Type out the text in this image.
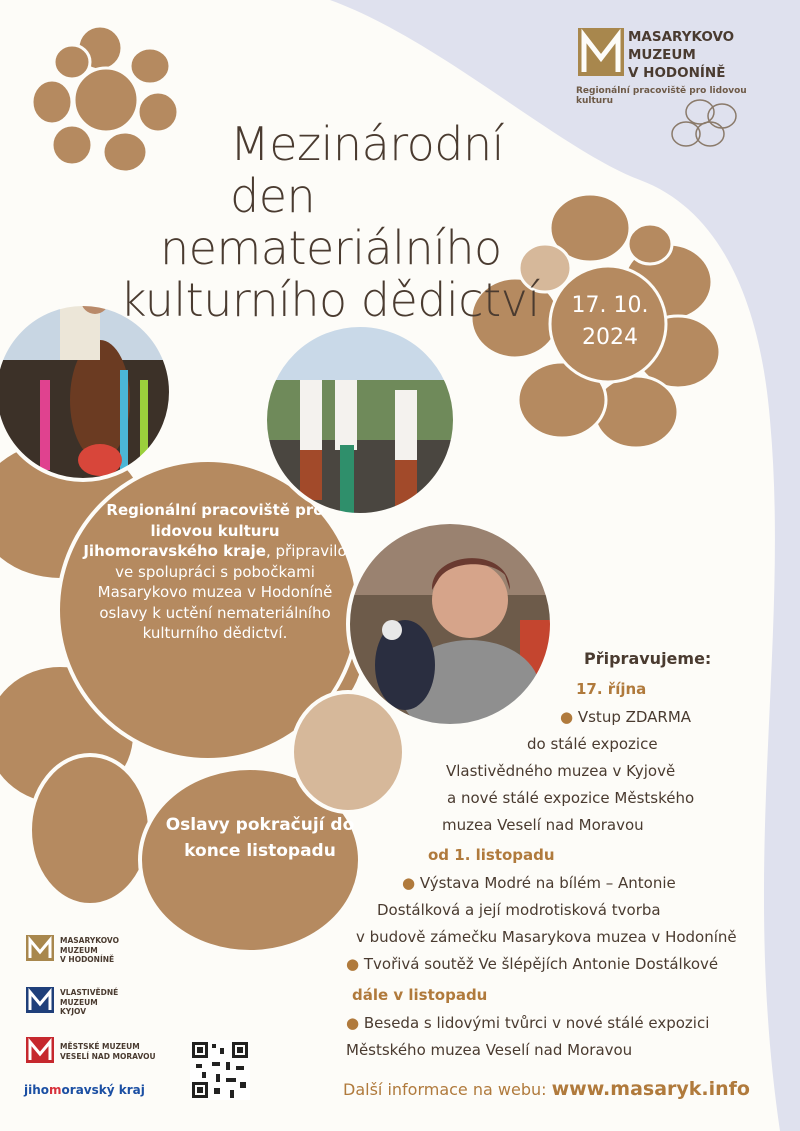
Mezinárodní den
nemateriálního
kulturního dědictví
MASARYKOVO
MUZEUM
V HODONÍNĚ
Regionální pracoviště pro lidovou kulturu
17. 10.
2024
Regionální pracoviště pro lidovou kulturu Jihomoravského kraje, připravilo ve spolupráci s pobočkami Masarykovo muzea v Hodoníně oslavy k uctění nemateriálního kulturního dědictví.
Oslavy pokračují do konce listopadu
Připravujeme:
17. října
● Vstup ZDARMA
do stálé expozice
Vlastivědného muzea v Kyjově
a nové stálé expozice Městského
muzea Veselí nad Moravou
od 1. listopadu
● Výstava Modré na bílém – Antonie
Dostálková a její modrotisková tvorba
v budově zámečku Masarykova muzea v Hodoníně
● Tvořivá soutěž Ve šlépějích Antonie Dostálkové
dále v listopadu
● Beseda s lidovými tvůrci v nové stálé expozici
Městského muzea Veselí nad Moravou
Další informace na webu: www.masaryk.info
MASARYKOVO
MUZEUM
V HODONÍNĚ
VLASTIVĚDNÉ
MUZEUM
KYJOV
MĚSTSKÉ MUZEUM
VESELÍ NAD MORAVOU
jihomoravský kraj
